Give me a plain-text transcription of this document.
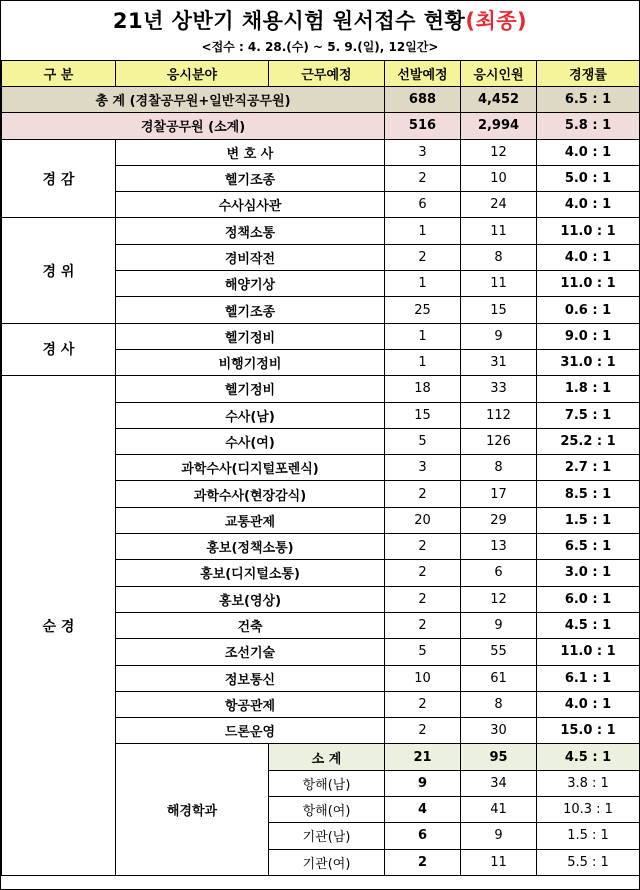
21년 상반기 채용시험 원서접수 현황(최종)
<접수 : 4. 28.(수) ~ 5. 9.(일), 12일간>
구 분	응시분야	근무예정	선발예정	응시인원	경쟁률
총 계 (경찰공무원+일반직공무원)			688	4,452	6.5 : 1
경찰공무원 (소계)			516	2,994	5.8 : 1
경 감	변 호 사		3	12	4.0 : 1
	헬기조종		2	10	5.0 : 1
	수사심사관		6	24	4.0 : 1
경 위	정책소통		1	11	11.0 : 1
	경비작전		2	8	4.0 : 1
	해양기상		1	11	11.0 : 1
	헬기조종		25	15	0.6 : 1
경 사	헬기정비		1	9	9.0 : 1
	비행기정비		1	31	31.0 : 1
순 경	헬기정비		18	33	1.8 : 1
	수사(남)		15	112	7.5 : 1
	수사(여)		5	126	25.2 : 1
	과학수사(디지털포렌식)		3	8	2.7 : 1
	과학수사(현장감식)		2	17	8.5 : 1
	교통관제		20	29	1.5 : 1
	홍보(정책소통)		2	13	6.5 : 1
	홍보(디지털소통)		2	6	3.0 : 1
	홍보(영상)		2	12	6.0 : 1
	건축		2	9	4.5 : 1
	조선기술		5	55	11.0 : 1
	정보통신		10	61	6.1 : 1
	항공관제		2	8	4.0 : 1
	드론운영		2	30	15.0 : 1
	해경학과	소 계	21	95	4.5 : 1
		항해(남)	9	34	3.8 : 1
		항해(여)	4	41	10.3 : 1
		기관(남)	6	9	1.5 : 1
		기관(여)	2	11	5.5 : 1
